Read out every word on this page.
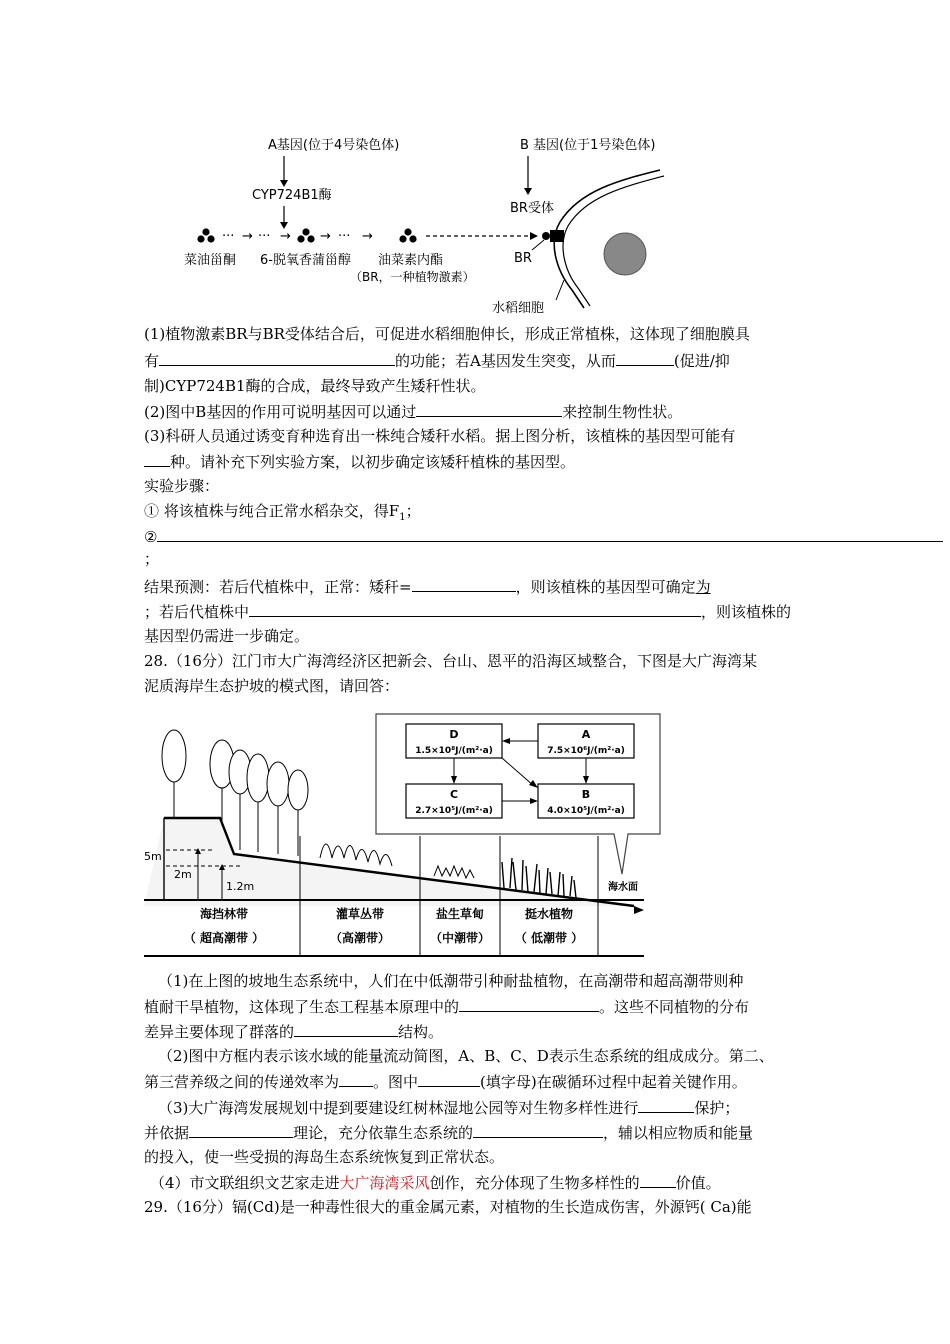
A基因(位于4号染色体)
CYP724B1酶
··· → ··· → → ··· →
菜油甾酮 6-脱氧香蒲甾醇 油菜素内酯
（BR，一种植物激素）
B 基因(位于1号染色体)
BR受体
BR
水稻细胞
(1)植物激素BR与BR受体结合后，可促进水稻细胞伸长，形成正常植株，这体现了细胞膜具
有	的功能；若A基因发生突变，从而	(促进/抑
制)CYP724B1酶的合成，最终导致产生矮秆性状。
(2)图中B基因的作用可说明基因可以通过	来控制生物性状。
(3)科研人员通过诱变育种选育出一株纯合矮秆水稻。据上图分析，该植株的基因型可能有
种。请补充下列实验方案，以初步确定该矮秆植株的基因型。
实验步骤：
① 将该植株与纯合正常水稻杂交，得$F_1$；
②
；
结果预测：若后代植株中，正常：矮秆=	，则该植株的基因型可确定为
；若后代植株中	，则该植株的
基因型仍需进一步确定。
28.（16分）江门市大广海湾经济区把新会、台山、恩平的沿海区域整合，下图是大广海湾某
泥质海岸生态护坡的模式图，请回答：
D
1.5×10⁸J/(m²·a)
A
7.5×10⁶J/(m²·a)
C
2.7×10⁵J/(m²·a)
B
4.0×10⁵J/(m²·a)
5m
2m
1.2m	海水面
海挡林带
（ 超高潮带 ）
灌草丛带
（高潮带）
盐生草甸
（中潮带）
挺水植物
（ 低潮带 ）
（1)在上图的坡地生态系统中，人们在中低潮带引种耐盐植物，在高潮带和超高潮带则种
植耐干旱植物，这体现了生态工程基本原理中的	。这些不同植物的分布
差异主要体现了群落的	结构。
（2)图中方框内表示该水域的能量流动简图，A、B、C、D表示生态系统的组成成分。第二、
第三营养级之间的传递效率为 。图中	(填字母)在碳循环过程中起着关键作用。
（3)大广海湾发展规划中提到要建设红树林湿地公园等对生物多样性进行	保护；
并依据	理论，充分依靠生态系统的	，辅以相应物质和能量
的投入，使一些受损的海岛生态系统恢复到正常状态。
（4）市文联组织文艺家走进大广海湾采风创作，充分体现了生物多样性的 价值。
29.（16分）镉(Cd)是一种毒性很大的重金属元素，对植物的生长造成伤害，外源钙( Ca)能
